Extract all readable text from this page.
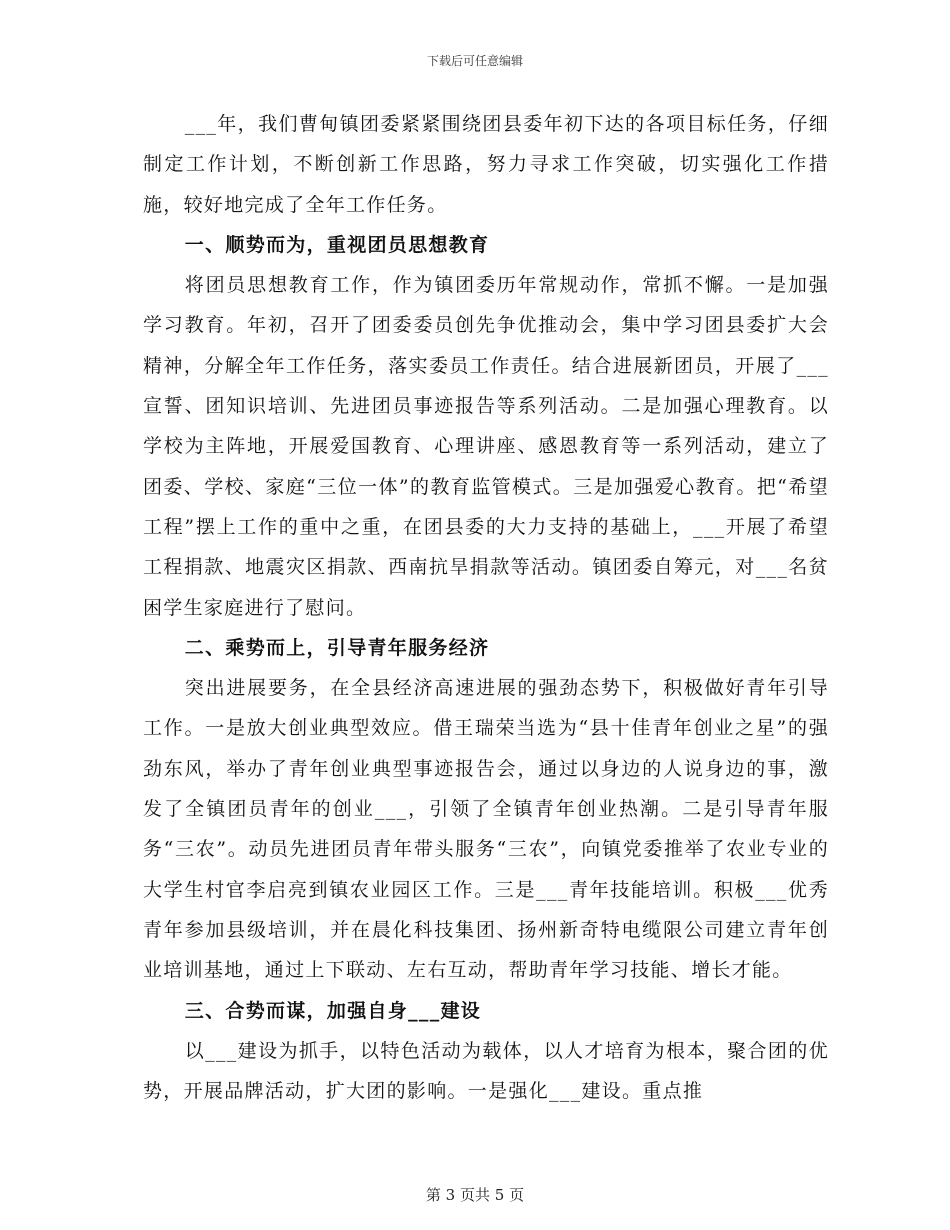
下载后可任意编辑

___年，我们曹甸镇团委紧紧围绕团县委年初下达的各项目标任务，仔细制定工作计划，不断创新工作思路，努力寻求工作突破，切实强化工作措施，较好地完成了全年工作任务。

一、顺势而为，重视团员思想教育

将团员思想教育工作，作为镇团委历年常规动作，常抓不懈。一是加强学习教育。年初，召开了团委委员创先争优推动会，集中学习团县委扩大会精神，分解全年工作任务，落实委员工作责任。结合进展新团员，开展了___宣誓、团知识培训、先进团员事迹报告等系列活动。二是加强心理教育。以学校为主阵地，开展爱国教育、心理讲座、感恩教育等一系列活动，建立了团委、学校、家庭“三位一体”的教育监管模式。三是加强爱心教育。把“希望工程”摆上工作的重中之重，在团县委的大力支持的基础上，___开展了希望工程捐款、地震灾区捐款、西南抗旱捐款等活动。镇团委自筹元，对___名贫困学生家庭进行了慰问。

二、乘势而上，引导青年服务经济

突出进展要务，在全县经济高速进展的强劲态势下，积极做好青年引导工作。一是放大创业典型效应。借王瑞荣当选为“县十佳青年创业之星”的强劲东风，举办了青年创业典型事迹报告会，通过以身边的人说身边的事，激发了全镇团员青年的创业___，引领了全镇青年创业热潮。二是引导青年服务“三农”。动员先进团员青年带头服务“三农”，向镇党委推举了农业专业的大学生村官李启亮到镇农业园区工作。三是___青年技能培训。积极___优秀青年参加县级培训，并在晨化科技集团、扬州新奇特电缆限公司建立青年创业培训基地，通过上下联动、左右互动，帮助青年学习技能、增长才能。

三、合势而谋，加强自身___建设

以___建设为抓手，以特色活动为载体，以人才培育为根本，聚合团的优势，开展品牌活动，扩大团的影响。一是强化___建设。重点推

第 3 页共 5 页
